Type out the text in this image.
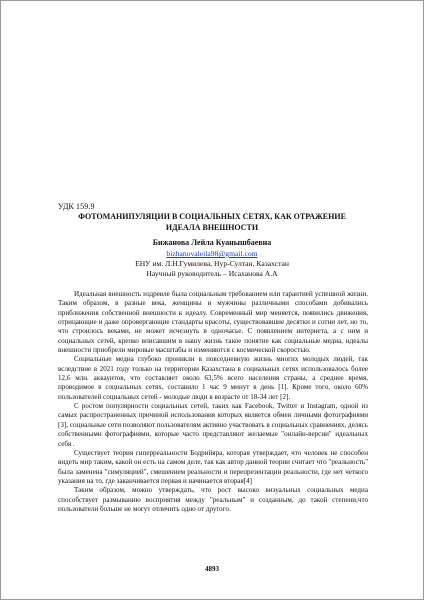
УДК 159.9
ФОТОМАНИПУЛЯЦИИ В СОЦИАЛЬНЫХ СЕТЯХ, КАК ОТРАЖЕНИЕ ИДЕАЛА ВНЕШНОСТИ
Бижанова Лейла Куанышбаевна
bizhanovaleila98@gmail.com
ЕНУ им. Л.Н.Гумилева, Нур-Султан, Казахстан
Научный руководитель – Исаханова А.А

Идеальная внешность издревле была социальным требованием или гарантией успешной жизни. Таким образом, в разные века, женщины и мужчины различными способами добивались приближения собственной внешности к идеалу. Современный мир меняется, появились движения, отрицающие и даже опровергающие стандарты красоты, существовавшие десятки и сотни лет, но то, что строилось веками, не может исчезнуть в одночасье. С появлением интернета, а с ним и социальных сетей, крепко вписавшим в нашу жизнь такое понятие как социальные медиа, идеалы внешности приобрели мировые масштабы и изменяются с космической скоростью.

Социальные медиа глубоко проникли в повседневную жизнь многих молодых людей, так вследствие в 2021 году только на территории Казахстана в социальных сетях использовалось более 12,6 млн. аккаунтов, что составляет около 63,5% всего населения страны, а среднее время, проводимое в социальных сетях, составило 1 час 9 минут в день [1]. Кроме того, около 60% пользователей социальных сетей - молодые люди в возрасте от 18-34 лет [2].

С ростом популярности социальных сетей, таких как Facebook, Twitter и Instagram, одной из самых распространенных причиной использования которых является обмен личными фотографиями [3], социальные сети позволяют пользователям активно участвовать в социальных сравнениях, делясь собственными фотографиями, которые часто представляют желаемые "онлайн-версии" идеальных себя .

Существует теория гиперреальности Бодрийяра, которая утверждает, что человек не способен видеть мир таким, какой он есть на самом деле, так как автор данной теории считает что "реальность" была заменена "симуляцией", смешением реальности и перепрезентации реальности, где нет четкого указания на то, где заканчивается первая и начинается вторая[4]

Таким образом, можно утверждать, что рост высоко визуальных социальных медиа способствует размыванию восприятия между "реальным" и созданным, до такой степени,что пользователи больше не могут отличить одно от другого.

4893
